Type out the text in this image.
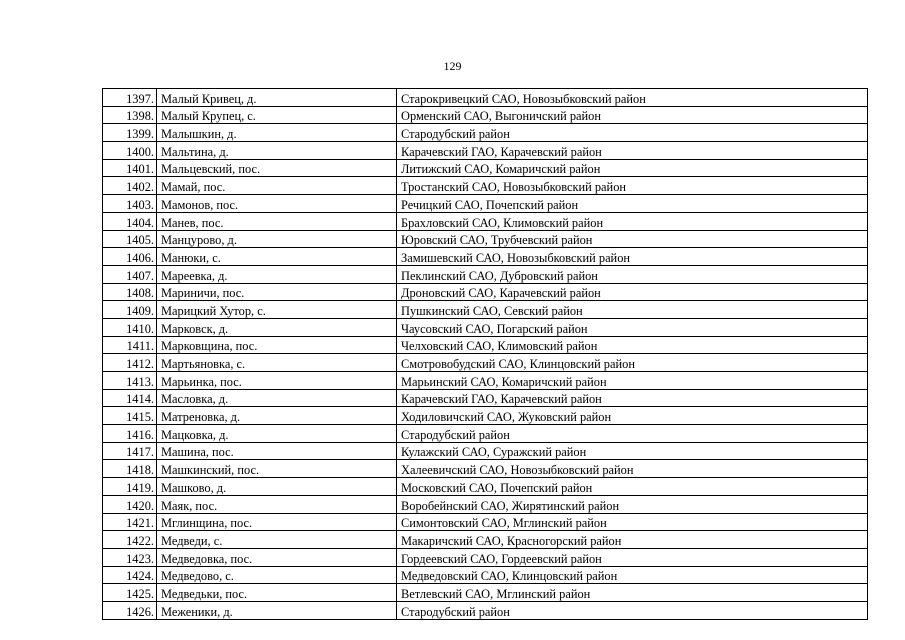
129
1397.	Малый Кривец, д.	Старокривецкий САО, Новозыбковский район
1398.	Малый Крупец, с.	Орменский САО, Выгоничский район
1399.	Малышкин, д.	Стародубский район
1400.	Мальтина, д.	Карачевский ГАО, Карачевский район
1401.	Мальцевский, пос.	Литижский САО, Комаричский район
1402.	Мамай, пос.	Тростанский САО, Новозыбковский район
1403.	Мамонов, пос.	Речицкий САО, Почепский район
1404.	Манев, пос.	Брахловский САО, Климовский район
1405.	Манцурово, д.	Юровский САО, Трубчевский район
1406.	Манюки, с.	Замишевский САО, Новозыбковский район
1407.	Мареевка, д.	Пеклинский САО, Дубровский район
1408.	Мариничи, пос.	Дроновский САО, Карачевский район
1409.	Марицкий Хутор, с.	Пушкинский САО, Севский район
1410.	Марковск, д.	Чаусовский САО, Погарский район
1411.	Марковщина, пос.	Челховский САО, Климовский район
1412.	Мартьяновка, с.	Смотровобудский САО, Клинцовский район
1413.	Марьинка, пос.	Марьинский САО, Комаричский район
1414.	Масловка, д.	Карачевский ГАО, Карачевский район
1415.	Матреновка, д.	Ходиловичский САО, Жуковский район
1416.	Мацковка, д.	Стародубский район
1417.	Машина, пос.	Кулажский САО, Суражский район
1418.	Машкинский, пос.	Халеевичский САО, Новозыбковский район
1419.	Машково, д.	Московский САО, Почепский район
1420.	Маяк, пос.	Воробейнский САО, Жирятинский район
1421.	Мглинщина, пос.	Симонтовский САО, Мглинский район
1422.	Медведи, с.	Макаричский САО, Красногорский район
1423.	Медведовка, пос.	Гордеевский САО, Гордеевский район
1424.	Медведово, с.	Медведовский САО, Клинцовский район
1425.	Медведьки, пос.	Ветлевский САО, Мглинский район
1426.	Меженики, д.	Стародубский район
